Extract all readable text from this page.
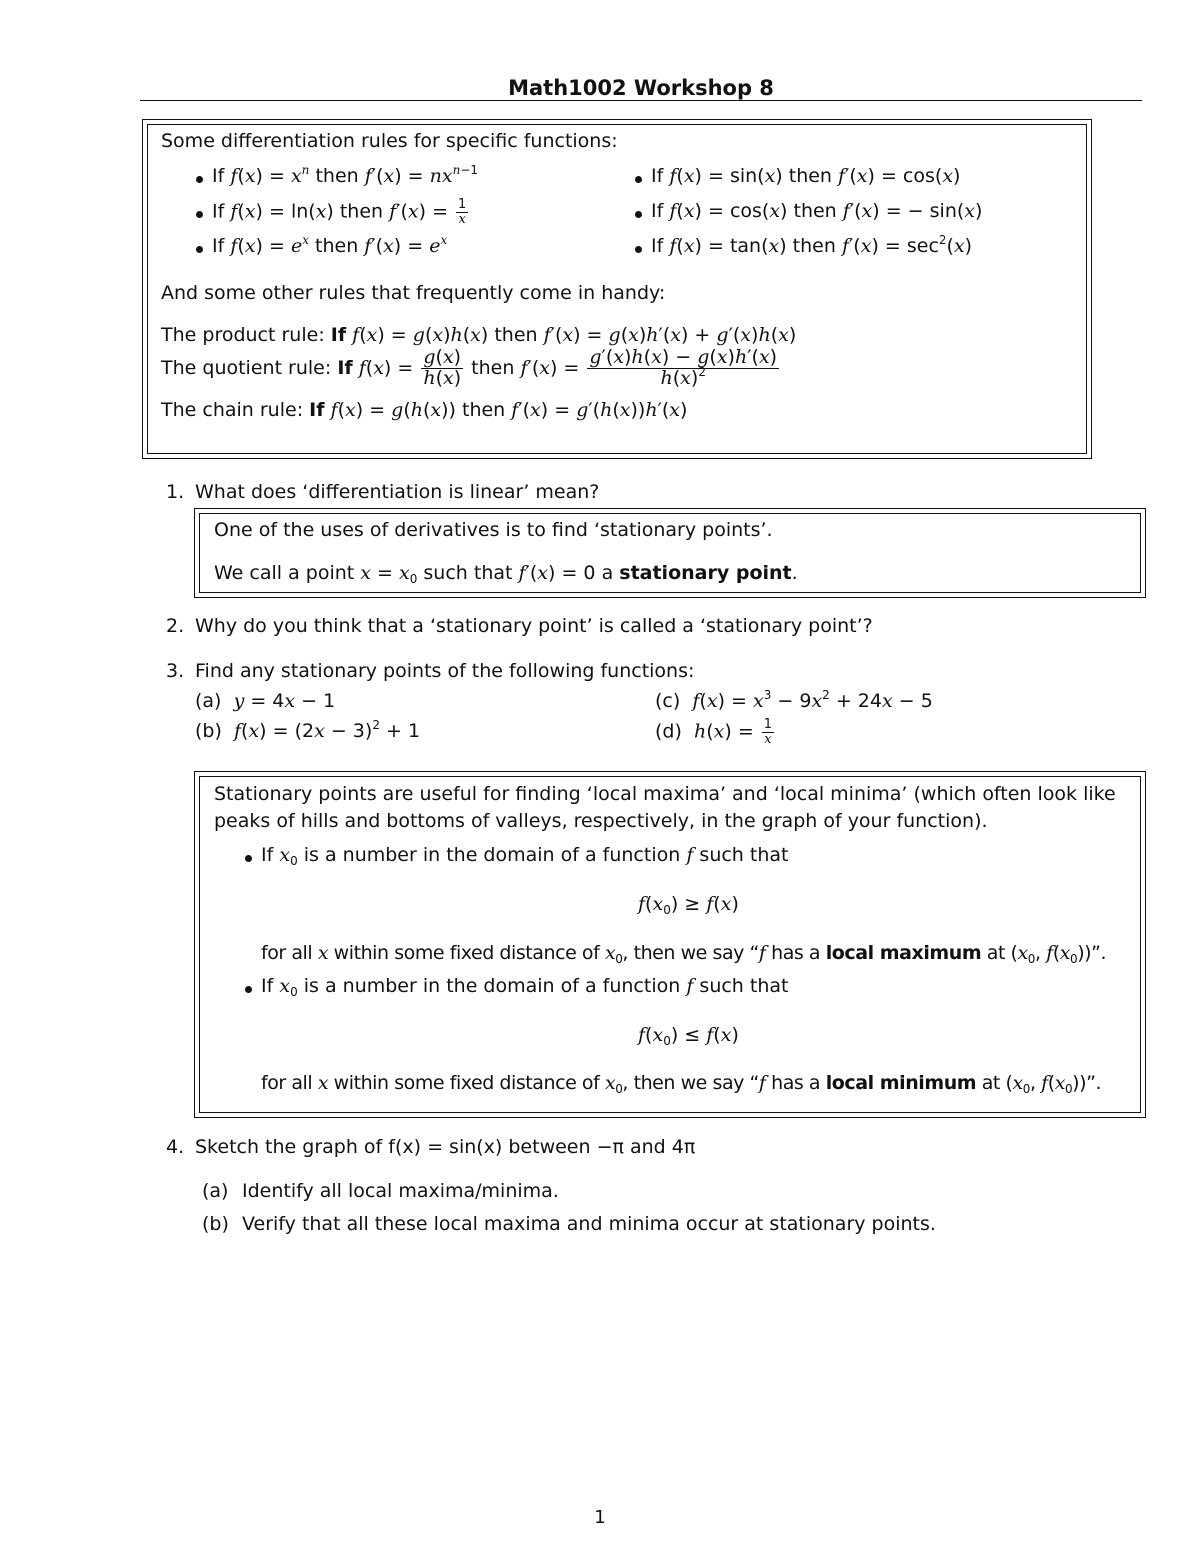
Math1002 Workshop 8
Some differentiation rules for specific functions:
If $f(x) = x^n$ then $f'(x) = nx^{n-1}$
If f(x) = ln(x) then $f'(x) = \frac{1}{x}$
If $f(x) = e^x$ then $f'(x) = e^x$
If f(x) = sin(x) then f′(x) = cos(x)
If f(x) = cos(x) then f′(x) = − sin(x)
If f(x) = tan(x) then $f'(x) = \sec^2(x)$
And some other rules that frequently come in handy:
The product rule: If f(x) = g(x)h(x) then f′(x) = g(x)h′(x) + g′(x)h(x)
The quotient rule: If $f(x) = \frac{g(x)}{h(x)}$ then $f'(x) = \frac{g'(x)h(x) - g(x)h'(x)}{h(x)^2}$
The chain rule: If f(x) = g(h(x)) then f′(x) = g′(h(x))h′(x)
1. What does ‘differentiation is linear’ mean?
One of the uses of derivatives is to find ‘stationary points’.
We call a point $x = x_0$ such that f′(x) = 0 a stationary point.
2. Why do you think that a ‘stationary point’ is called a ‘stationary point’?
3. Find any stationary points of the following functions:
(a) y = 4x − 1
(b) $f(x) = (2x - 3)^2 + 1$
(c) $f(x) = x^3 - 9x^2 + 24x - 5$
(d) $h(x) = \frac{1}{x}$
Stationary points are useful for finding ‘local maxima’ and ‘local minima’ (which often look like peaks of hills and bottoms of valleys, respectively, in the graph of your function).
If $x_0$ is a number in the domain of a function f such that
$f(x_0) \ge f(x)$
for all x within some fixed distance of $x_0$, then we say “f has a local maximum at ($x_0$, $f(x_0)$)”.
If $x_0$ is a number in the domain of a function f such that
$f(x_0) \le f(x)$
for all x within some fixed distance of $x_0$, then we say “f has a local minimum at ($x_0$, $f(x_0)$)”.
4. Sketch the graph of f(x) = sin(x) between −π and 4π
(a) Identify all local maxima/minima.
(b) Verify that all these local maxima and minima occur at stationary points.
1
